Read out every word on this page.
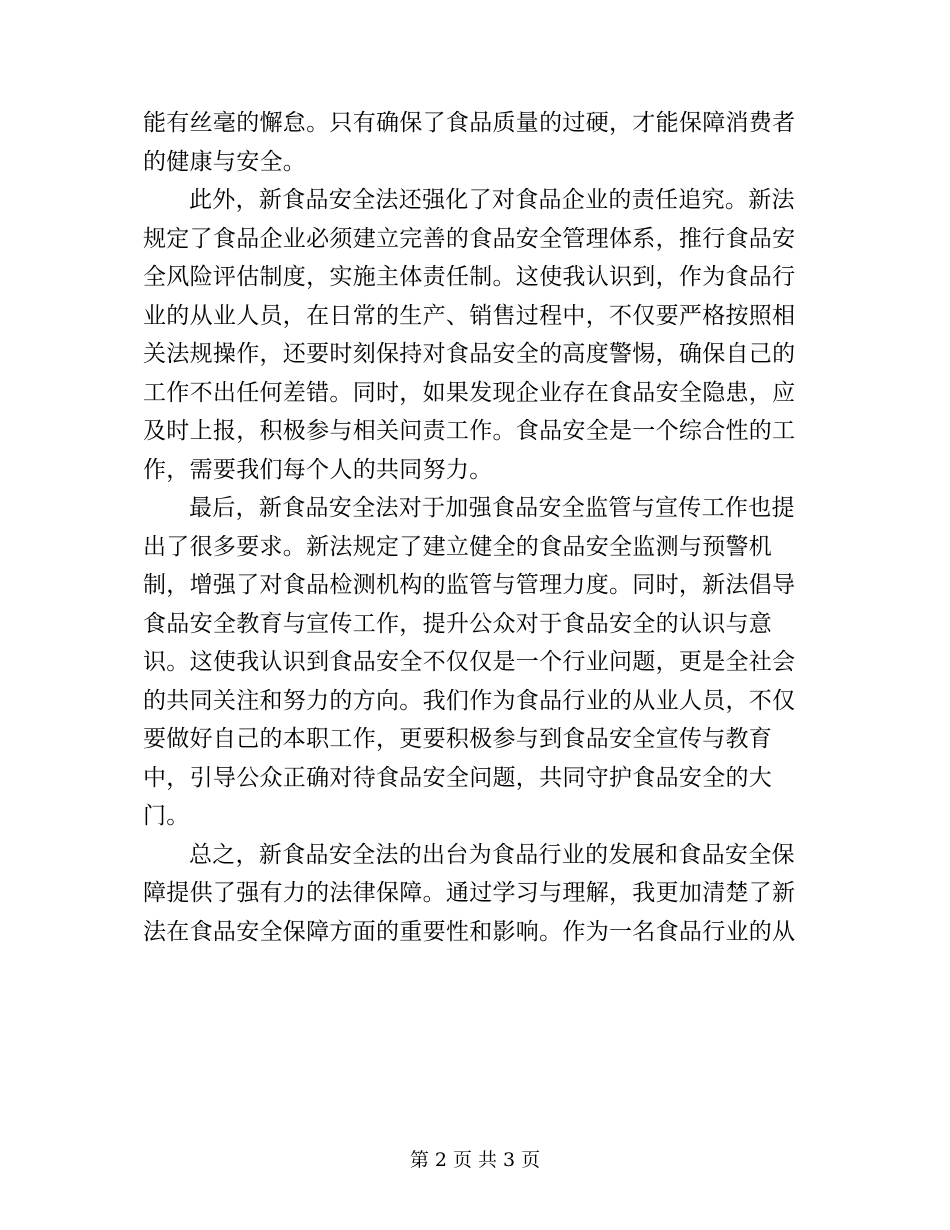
能有丝毫的懈怠。只有确保了食品质量的过硬，才能保障消费者
的健康与安全。
此外，新食品安全法还强化了对食品企业的责任追究。新法
规定了食品企业必须建立完善的食品安全管理体系，推行食品安
全风险评估制度，实施主体责任制。这使我认识到，作为食品行
业的从业人员，在日常的生产、销售过程中，不仅要严格按照相
关法规操作，还要时刻保持对食品安全的高度警惕，确保自己的
工作不出任何差错。同时，如果发现企业存在食品安全隐患，应
及时上报，积极参与相关问责工作。食品安全是一个综合性的工
作，需要我们每个人的共同努力。
最后，新食品安全法对于加强食品安全监管与宣传工作也提
出了很多要求。新法规定了建立健全的食品安全监测与预警机
制，增强了对食品检测机构的监管与管理力度。同时，新法倡导
食品安全教育与宣传工作，提升公众对于食品安全的认识与意
识。这使我认识到食品安全不仅仅是一个行业问题，更是全社会
的共同关注和努力的方向。我们作为食品行业的从业人员，不仅
要做好自己的本职工作，更要积极参与到食品安全宣传与教育
中，引导公众正确对待食品安全问题，共同守护食品安全的大
门。
总之，新食品安全法的出台为食品行业的发展和食品安全保
障提供了强有力的法律保障。通过学习与理解，我更加清楚了新
法在食品安全保障方面的重要性和影响。作为一名食品行业的从
第 2 页 共 3 页
